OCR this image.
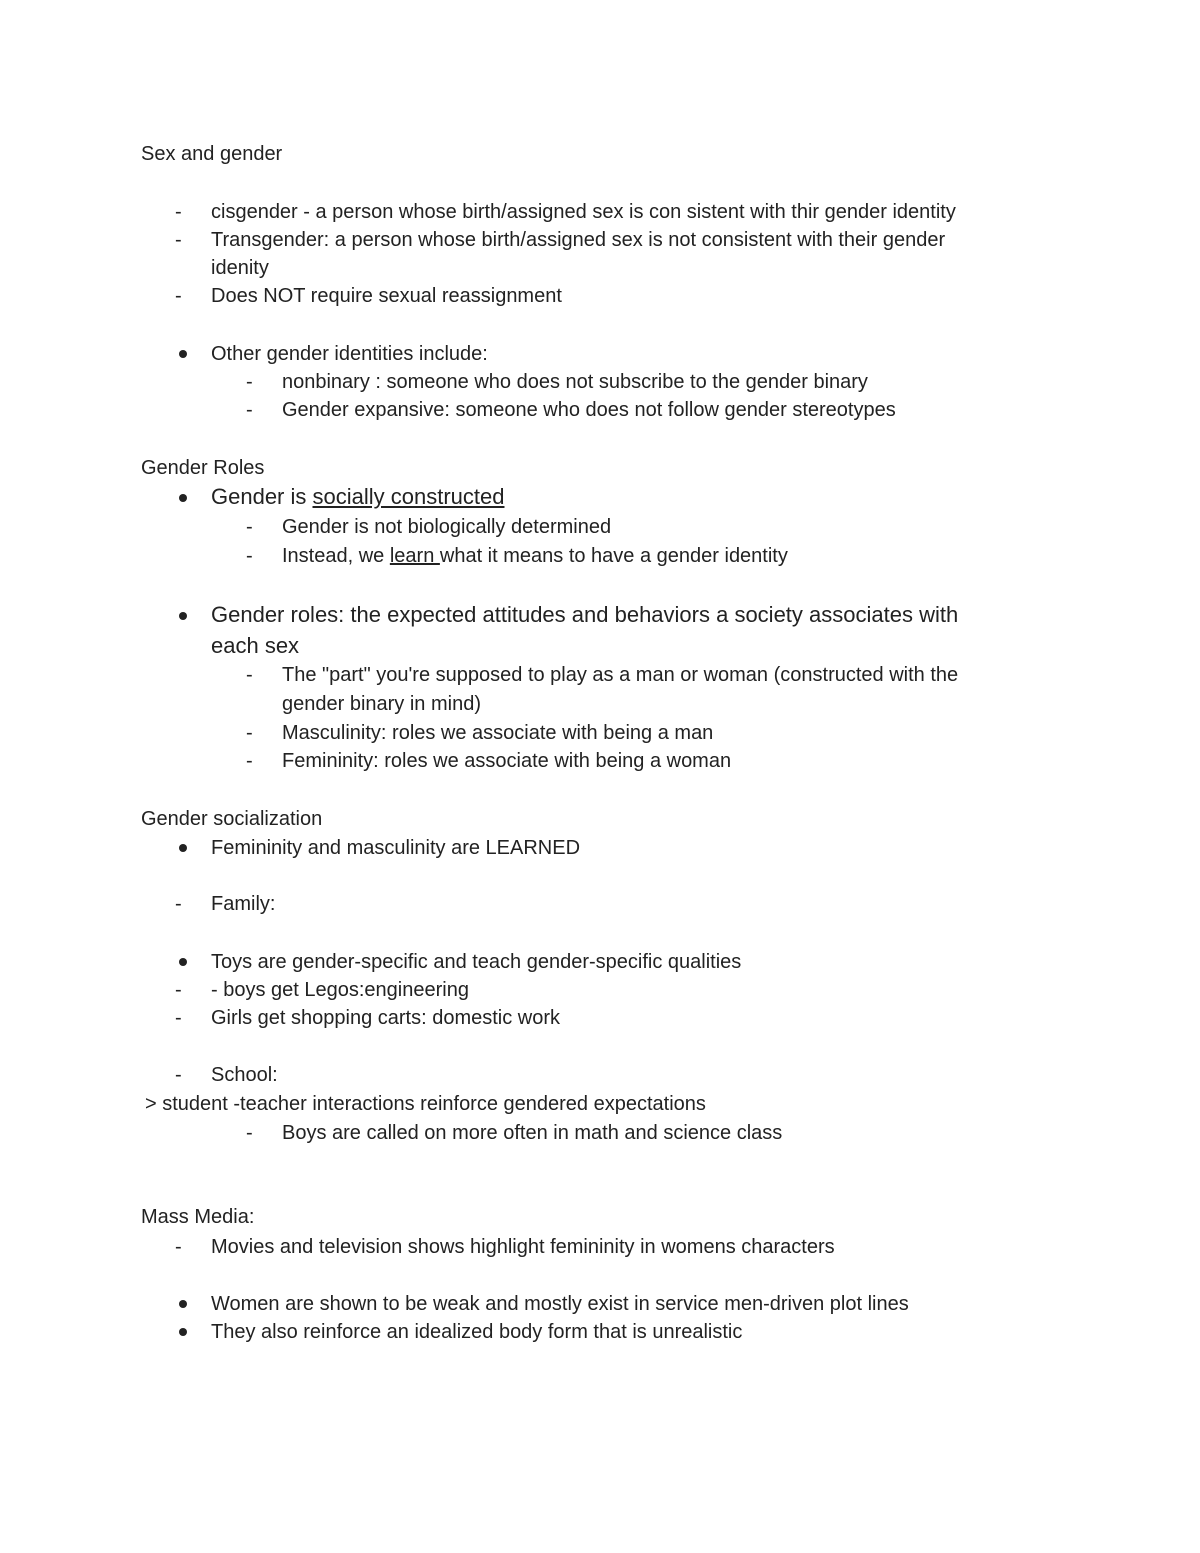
Sex and gender

- cisgender - a person whose birth/assigned sex is con sistent with thir gender identity

- Transgender: a person whose birth/assigned sex is not consistent with their gender

idenity

- Does NOT require sexual reassignment

Other gender identities include:

- nonbinary : someone who does not subscribe to the gender binary

- Gender expansive: someone who does not follow gender stereotypes

Gender Roles

Gender is socially constructed

- Gender is not biologically determined

- Instead, we learn what it means to have a gender identity

Gender roles: the expected attitudes and behaviors a society associates with

each sex

- The "part" you're supposed to play as a man or woman (constructed with the

gender binary in mind)

- Masculinity: roles we associate with being a man

- Femininity: roles we associate with being a woman

Gender socialization

Femininity and masculinity are LEARNED

- Family:

Toys are gender-specific and teach gender-specific qualities

- - boys get Legos:engineering

- Girls get shopping carts: domestic work

- School:

> student -teacher interactions reinforce gendered expectations

- Boys are called on more often in math and science class

Mass Media:

- Movies and television shows highlight femininity in womens characters

Women are shown to be weak and mostly exist in service men-driven plot lines

They also reinforce an idealized body form that is unrealistic
